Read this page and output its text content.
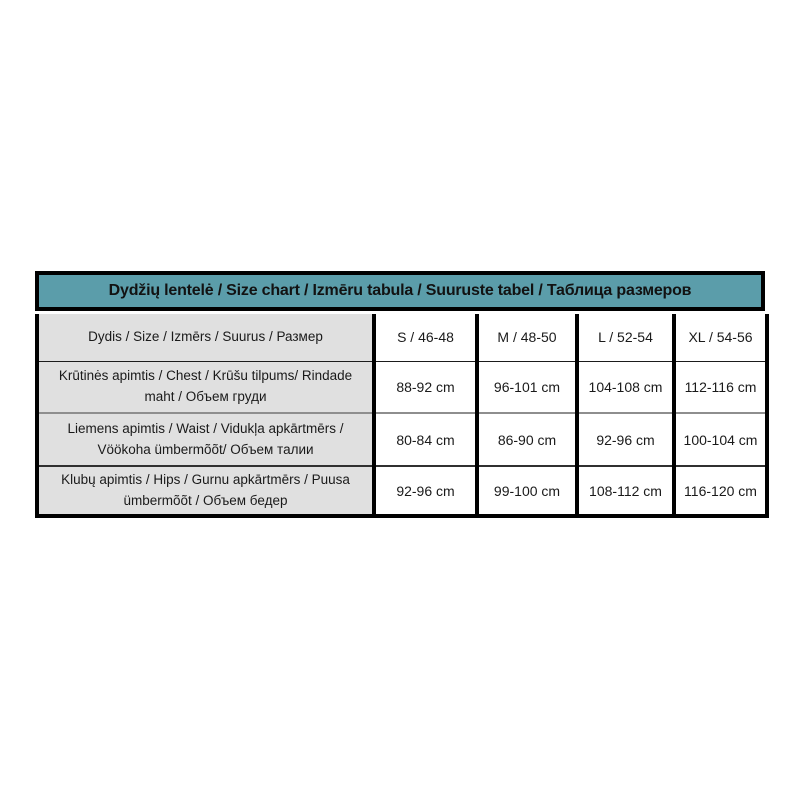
Dydžių lentelė / Size chart / Izmēru tabula / Suuruste tabel / Таблица размеров
Dydis / Size / Izmērs / Suurus / Размер	S / 46-48	M / 48-50	L / 52-54	XL / 54-56
Krūtinės apimtis / Chest / Krūšu tilpums/ Rindade maht / Объем груди	88-92 cm	96-101 cm	104-108 cm	112-116 cm
Liemens apimtis / Waist / Vidukļa apkārtmērs / Vöökoha ümbermõõt/ Объем талии	80-84 cm	86-90 cm	92-96 cm	100-104 cm
Klubų apimtis / Hips / Gurnu apkārtmērs / Puusa ümbermõõt / Объем бедер	92-96 cm	99-100 cm	108-112 cm	116-120 cm
